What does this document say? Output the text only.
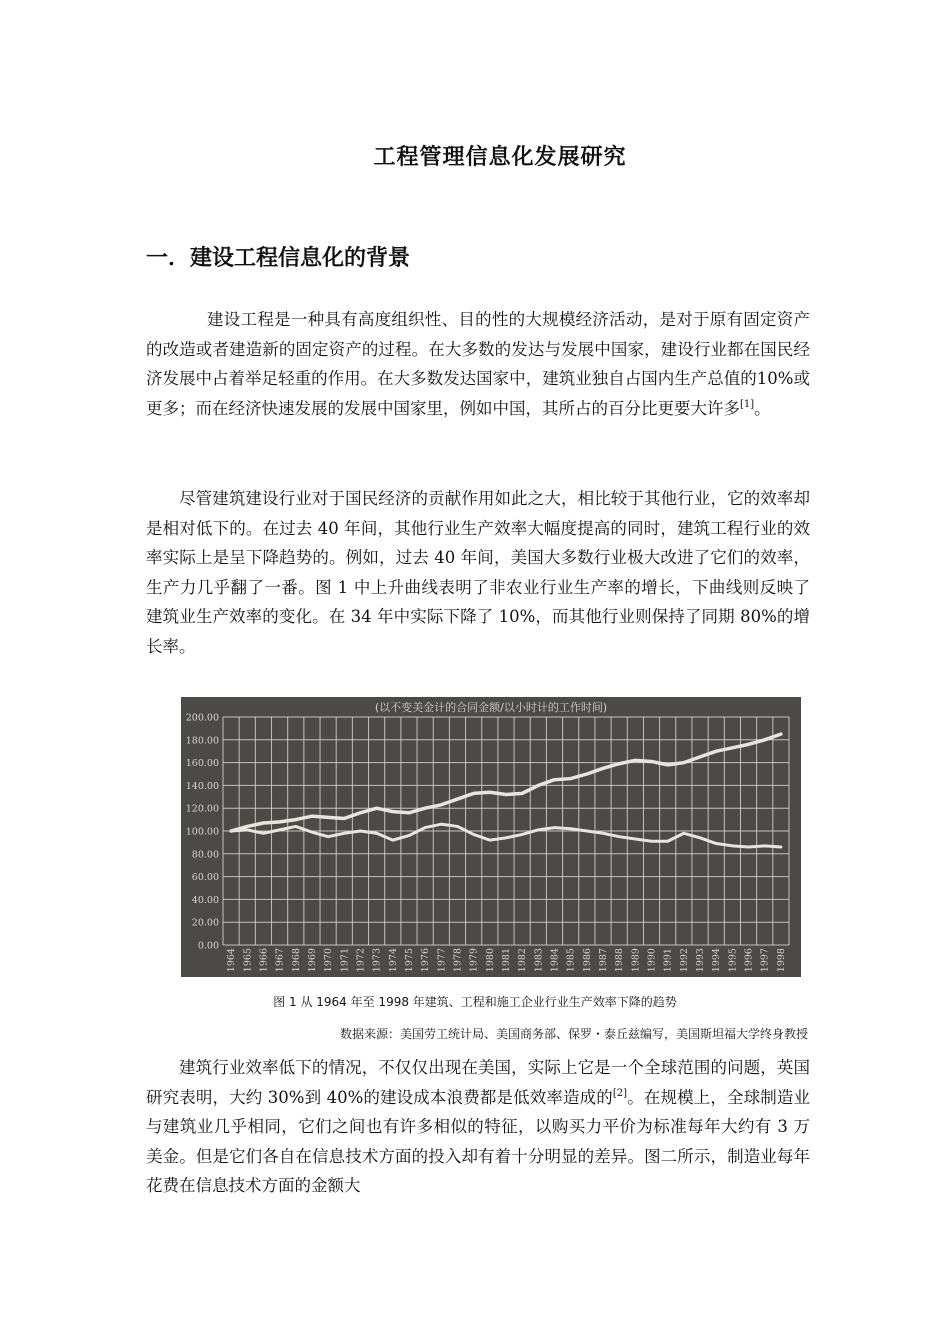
工程管理信息化发展研究
一．建设工程信息化的背景

建设工程是一种具有高度组织性、目的性的大规模经济活动，是对于原有固定资产的改造或者建造新的固定资产的过程。在大多数的发达与发展中国家，建设行业都在国民经济发展中占着举足轻重的作用。在大多数发达国家中，建筑业独自占国内生产总值的10%或更多；而在经济快速发展的发展中国家里，例如中国，其所占的百分比更要大许多[1]。

尽管建筑建设行业对于国民经济的贡献作用如此之大，相比较于其他行业，它的效率却是相对低下的。在过去 40 年间，其他行业生产效率大幅度提高的同时，建筑工程行业的效率实际上是呈下降趋势的。例如，过去 40 年间，美国大多数行业极大改进了它们的效率，生产力几乎翻了一番。图 1 中上升曲线表明了非农业行业生产率的增长，下曲线则反映了建筑业生产效率的变化。在 34 年中实际下降了 10%，而其他行业则保持了同期 80%的增长率。

(以不变美金计的合同金额/以小时计的工作时间)
0.00
20.00
40.00
60.00
80.00
100.00
120.00
140.00
160.00
180.00
200.00
1964 1965 1966 1967 1968 1969 1970 1971 1972 1973 1974 1975 1976 1977 1978 1979 1980 1981 1982 1983 1984 1985 1986 1987 1988 1989 1990 1991 1992 1993 1994 1995 1996 1997 1998
图 1 从 1964 年至 1998 年建筑、工程和施工企业行业生产效率下降的趋势
数据来源：美国劳工统计局、美国商务部、保罗・泰丘兹编写，美国斯坦福大学终身教授

建筑行业效率低下的情况，不仅仅出现在美国，实际上它是一个全球范围的问题，英国研究表明，大约 30%到 40%的建设成本浪费都是低效率造成的[2]。在规模上，全球制造业与建筑业几乎相同，它们之间也有许多相似的特征，以购买力平价为标准每年大约有 3 万美金。但是它们各自在信息技术方面的投入却有着十分明显的差异。图二所示，制造业每年花费在信息技术方面的金额大
